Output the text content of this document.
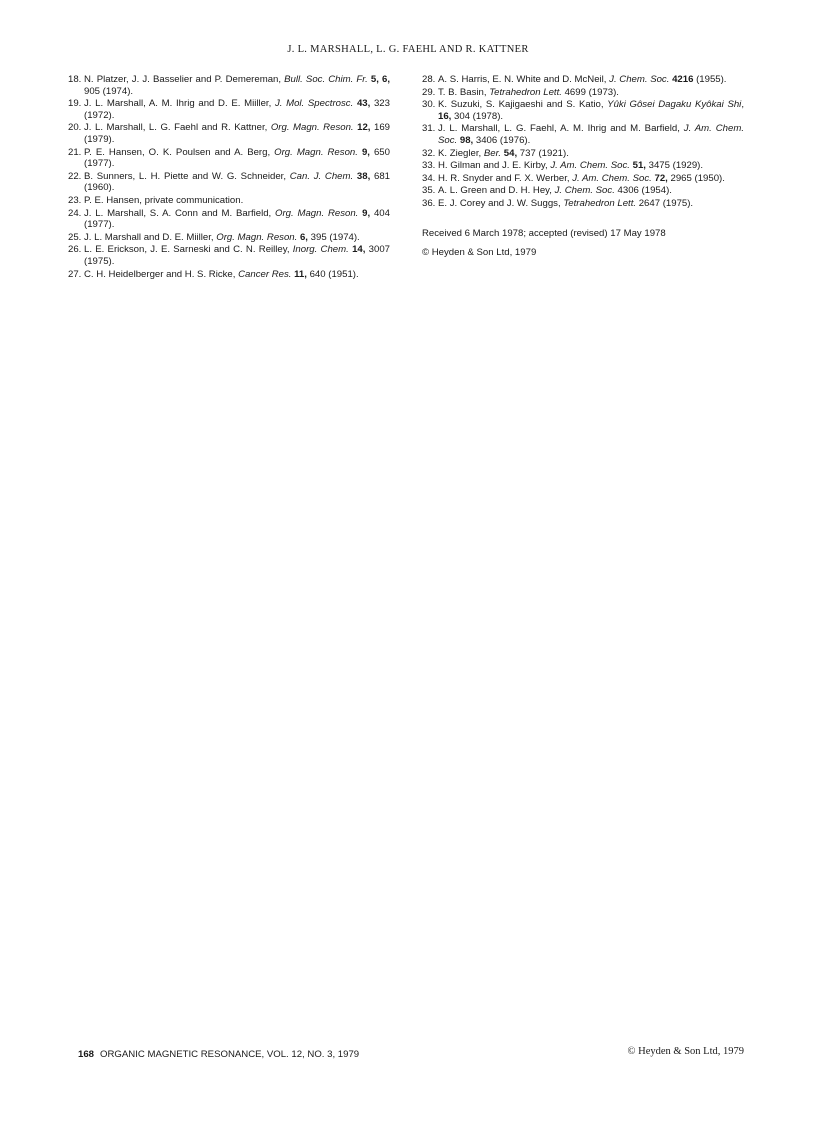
J. L. MARSHALL, L. G. FAEHL AND R. KATTNER
18. N. Platzer, J. J. Basselier and P. Demereman, Bull. Soc. Chim. Fr. 5, 6, 905 (1974).
19. J. L. Marshall, A. M. Ihrig and D. E. Miiller, J. Mol. Spectrosc. 43, 323 (1972).
20. J. L. Marshall, L. G. Faehl and R. Kattner, Org. Magn. Reson. 12, 169 (1979).
21. P. E. Hansen, O. K. Poulsen and A. Berg, Org. Magn. Reson. 9, 650 (1977).
22. B. Sunners, L. H. Piette and W. G. Schneider, Can. J. Chem. 38, 681 (1960).
23. P. E. Hansen, private communication.
24. J. L. Marshall, S. A. Conn and M. Barfield, Org. Magn. Reson. 9, 404 (1977).
25. J. L. Marshall and D. E. Miiller, Org. Magn. Reson. 6, 395 (1974).
26. L. E. Erickson, J. E. Sarneski and C. N. Reilley, Inorg. Chem. 14, 3007 (1975).
27. C. H. Heidelberger and H. S. Ricke, Cancer Res. 11, 640 (1951).
28. A. S. Harris, E. N. White and D. McNeil, J. Chem. Soc. 4216 (1955).
29. T. B. Basin, Tetrahedron Lett. 4699 (1973).
30. K. Suzuki, S. Kajigaeshi and S. Katio, Yûki Gôsei Dagaku Kyôkai Shi, 16, 304 (1978).
31. J. L. Marshall, L. G. Faehl, A. M. Ihrig and M. Barfield, J. Am. Chem. Soc. 98, 3406 (1976).
32. K. Ziegler, Ber. 54, 737 (1921).
33. H. Gilman and J. E. Kirby, J. Am. Chem. Soc. 51, 3475 (1929).
34. H. R. Snyder and F. X. Werber, J. Am. Chem. Soc. 72, 2965 (1950).
35. A. L. Green and D. H. Hey, J. Chem. Soc. 4306 (1954).
36. E. J. Corey and J. W. Suggs, Tetrahedron Lett. 2647 (1975).
Received 6 March 1978; accepted (revised) 17 May 1978
© Heyden & Son Ltd, 1979
168 ORGANIC MAGNETIC RESONANCE, VOL. 12, NO. 3, 1979	© Heyden & Son Ltd, 1979
